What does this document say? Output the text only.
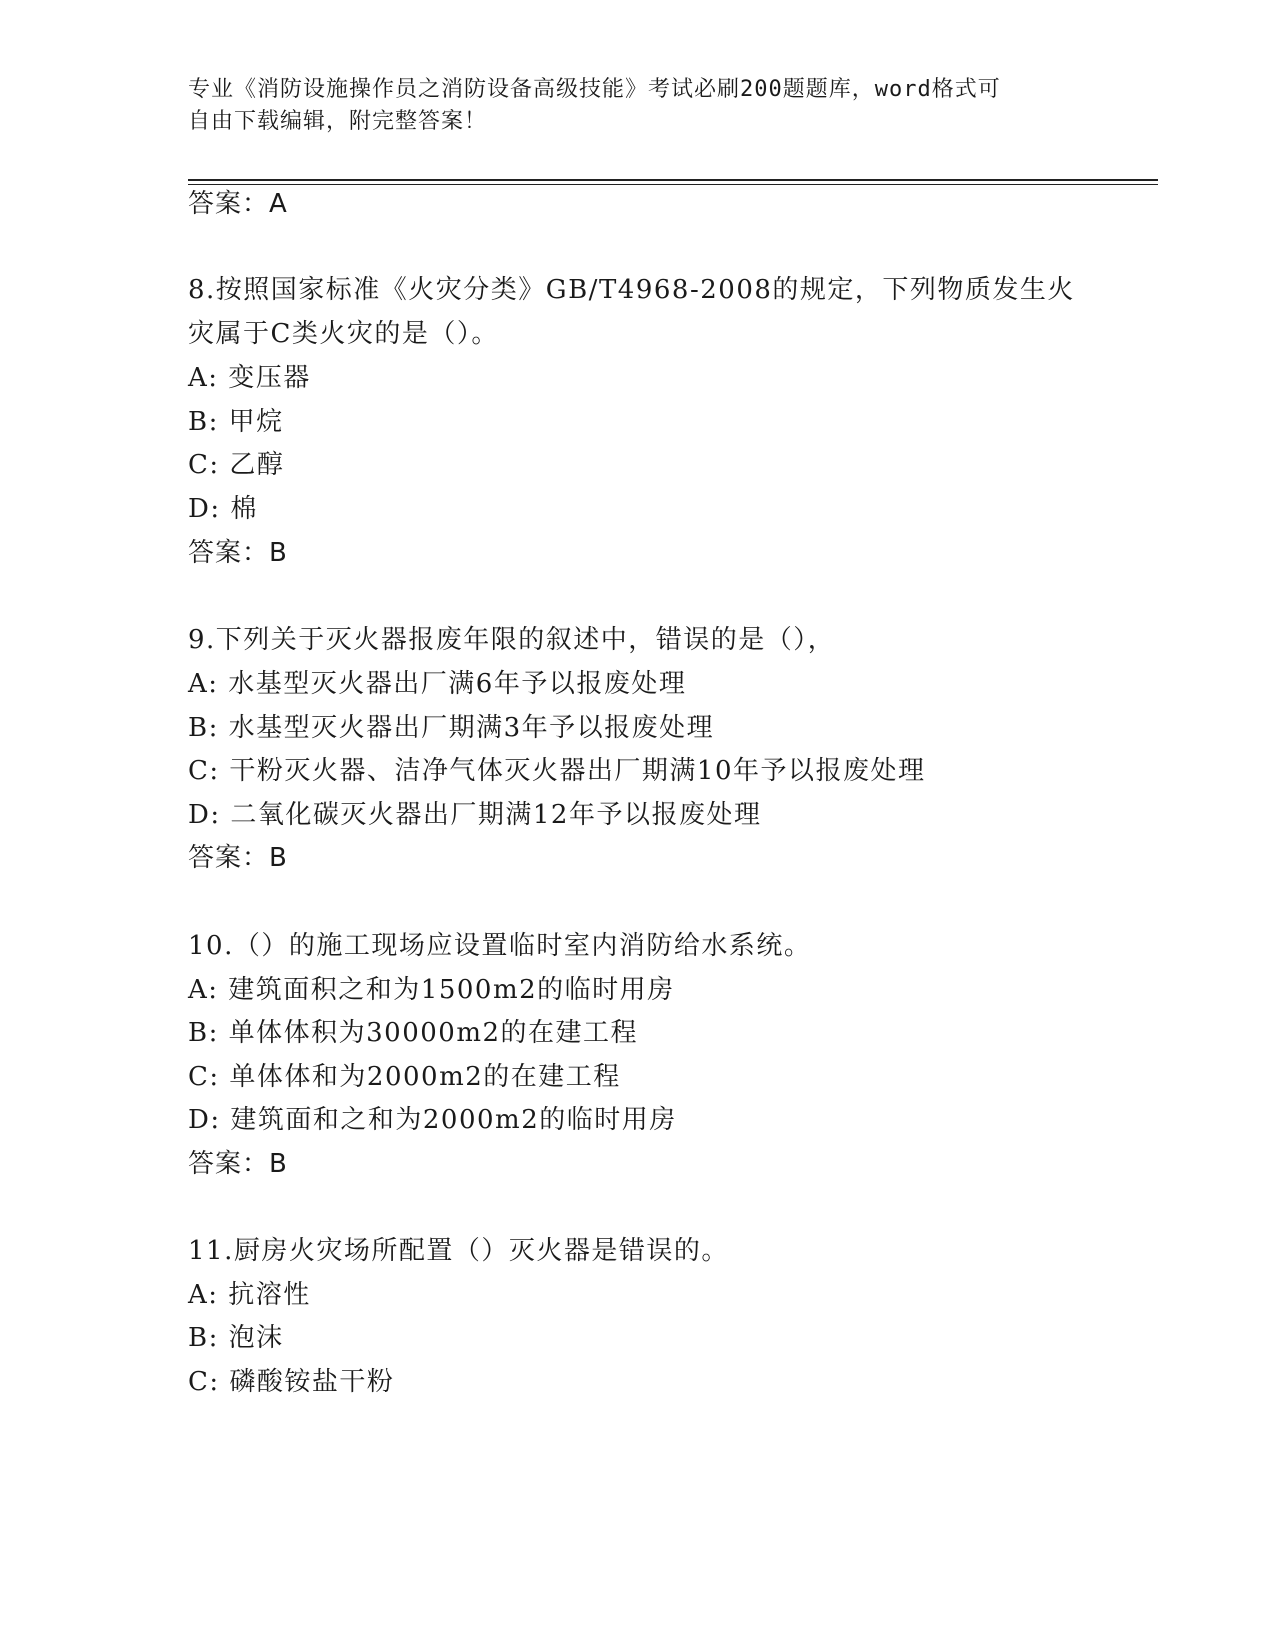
专业《消防设施操作员之消防设备高级技能》考试必刷200题题库，word格式可
自由下载编辑，附完整答案！
答案：A
8.按照国家标准《火灾分类》GB/T4968-2008的规定，下列物质发生火
灾属于C类火灾的是（）。
A: 变压器
B: 甲烷
C: 乙醇
D: 棉
答案：B
9.下列关于灭火器报废年限的叙述中，错误的是（），
A: 水基型灭火器出厂满6年予以报废处理
B: 水基型灭火器出厂期满3年予以报废处理
C: 干粉灭火器、洁净气体灭火器出厂期满10年予以报废处理
D: 二氧化碳灭火器出厂期满12年予以报废处理
答案：B
10.（）的施工现场应设置临时室内消防给水系统。
A: 建筑面积之和为1500m2的临时用房
B: 单体体积为30000m2的在建工程
C: 单体体和为2000m2的在建工程
D: 建筑面和之和为2000m2的临时用房
答案：B
11.厨房火灾场所配置（）灭火器是错误的。
A: 抗溶性
B: 泡沫
C: 磷酸铵盐干粉
